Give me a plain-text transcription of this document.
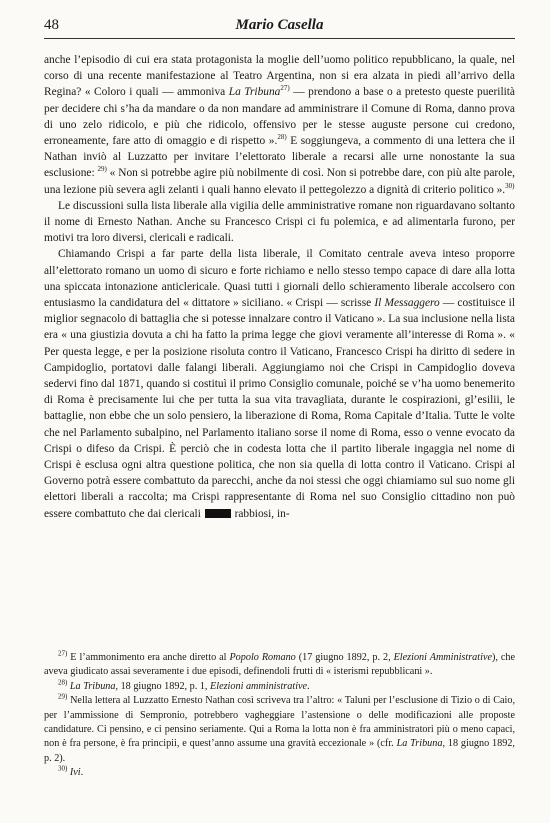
48	Mario Casella

anche l’episodio di cui era stata protagonista la moglie dell’uomo politico repubblicano, la quale, nel corso di una recente manifestazione al Teatro Argentina, non si era alzata in piedi all’arrivo della Regina? « Coloro i quali — ammoniva La Tribuna$^{27)}$ — prendono a base o a pretesto queste puerilità per decidere chi s’ha da mandare o da non mandare ad amministrare il Comune di Roma, danno prova di uno zelo ridicolo, e più che ridicolo, offensivo per le stesse auguste persone cui credono, erroneamente, fare atto di omaggio e di rispetto ».$^{28)}$ E soggiungeva, a commento di una lettera che il Nathan inviò al Luzzatto per invitare l’elettorato liberale a recarsi alle urne nonostante la sua esclusione: $^{29)}$ « Non si potrebbe agire più nobilmente di così. Non si potrebbe dare, con più alte parole, una lezione più severa agli zelanti i quali hanno elevato il pettegolezzo a dignità di criterio politico ».$^{30)}$

Le discussioni sulla lista liberale alla vigilia delle amministrative romane non riguardavano soltanto il nome di Ernesto Nathan. Anche su Francesco Crispi ci fu polemica, e ad alimentarla furono, per motivi tra loro diversi, clericali e radicali.

Chiamando Crispi a far parte della lista liberale, il Comitato centrale aveva inteso proporre all’elettorato romano un uomo di sicuro e forte richiamo e nello stesso tempo capace di dare alla lotta una spiccata intonazione anticlericale. Quasi tutti i giornali dello schieramento liberale accolsero con entusiasmo la candidatura del « dittatore » siciliano. « Crispi — scrisse Il Messaggero — costituisce il miglior segnacolo di battaglia che si potesse innalzare contro il Vaticano ». La sua inclusione nella lista era « una giustizia dovuta a chi ha fatto la prima legge che giovi veramente all’interesse di Roma ». « Per questa legge, e per la posizione risoluta contro il Vaticano, Francesco Crispi ha diritto di sedere in Campidoglio, portatovi dalle falangi liberali. Aggiungiamo noi che Crispi in Campidoglio doveva sedervi fino dal 1871, quando si costituì il primo Consiglio comunale, poiché se v’ha uomo benemerito di Roma è precisamente lui che per tutta la sua vita travagliata, durante le cospirazioni, gl’esilii, le battaglie, non ebbe che un solo pensiero, la liberazione di Roma, Roma Capitale d’Italia. Tutte le volte che nel Parlamento subalpino, nel Parlamento italiano sorse il nome di Roma, esso o venne evocato da Crispi o difeso da Crispi. È perciò che in codesta lotta che il partito liberale ingaggia nel nome di Crispi è esclusa ogni altra questione politica, che non sia quella di lotta contro il Vaticano. Crispi al Governo potrà essere combattuto da parecchi, anche da noi stessi che oggi chiamiamo sul suo nome gli elettori liberali a raccolta; ma Crispi rappresentante di Roma nel suo Consiglio cittadino non può essere combattuto che dai clericali  rabbiosi, in-

$^{27)}$ E l’ammonimento era anche diretto al Popolo Romano (17 giugno 1892, p. 2, Elezioni Amministrative), che aveva giudicato assai severamente i due episodi, definendoli frutti di « isterismi repubblicani ».

$^{28)}$ La Tribuna, 18 giugno 1892, p. 1, Elezioni amministrative.

$^{29)}$ Nella lettera al Luzzatto Ernesto Nathan così scriveva tra l’altro: « Taluni per l’esclusione di Tizio o di Caio, per l’ammissione di Sempronio, potrebbero vagheggiare l’astensione o delle modificazioni alle proposte candidature. Ci pensino, e ci pensino seriamente. Qui a Roma la lotta non è fra amministratori più o meno capaci, non è fra persone, è fra principii, e quest’anno assume una gravità eccezionale » (cfr. La Tribuna, 18 giugno 1892, p. 2).

$^{30)}$ Ivi.
